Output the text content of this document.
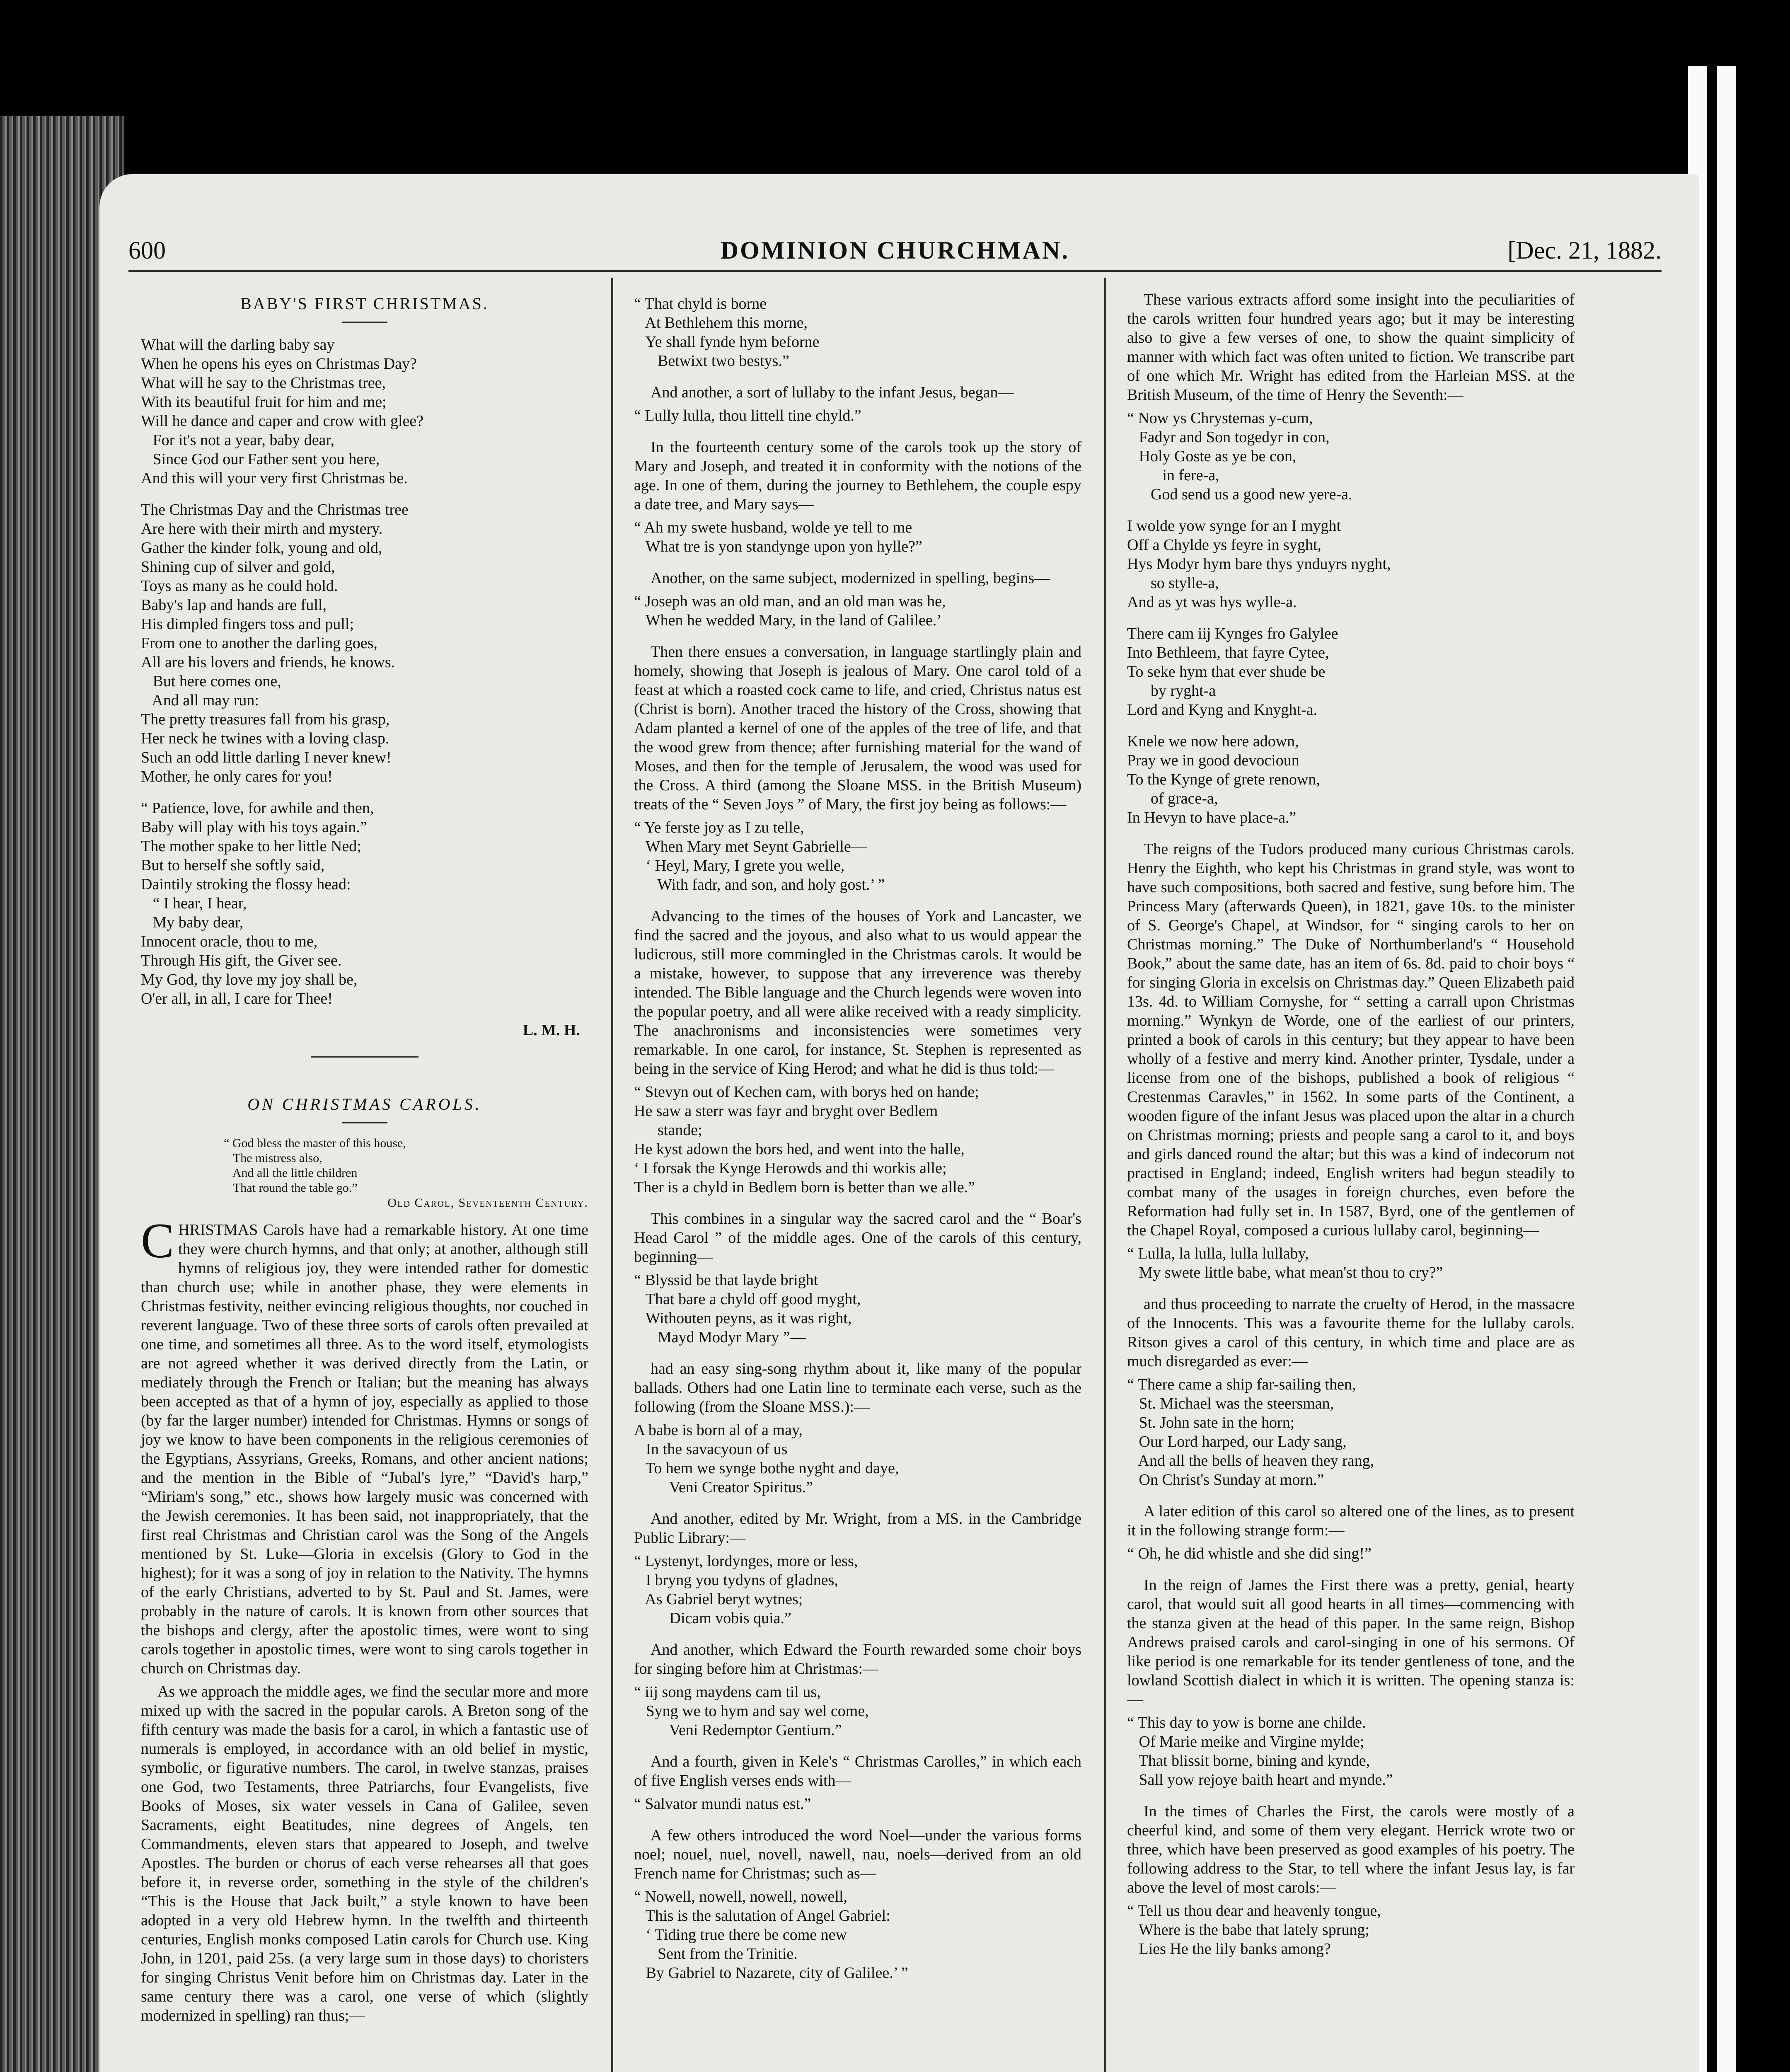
600	DOMINION CHURCHMAN.	[Dec. 21, 1882.
BABY'S FIRST CHRISTMAS.
What will the darling baby say
When he opens his eyes on Christmas Day?
What will he say to the Christmas tree,
With its beautiful fruit for him and me;
Will he dance and caper and crow with glee?
For it's not a year, baby dear,
Since God our Father sent you here,
And this will your very first Christmas be.
The Christmas Day and the Christmas tree
Are here with their mirth and mystery.
Gather the kinder folk, young and old,
Shining cup of silver and gold,
Toys as many as he could hold.
Baby's lap and hands are full,
His dimpled fingers toss and pull;
From one to another the darling goes,
All are his lovers and friends, he knows.
But here comes one,
And all may run:
The pretty treasures fall from his grasp,
Her neck he twines with a loving clasp.
Such an odd little darling I never knew!
Mother, he only cares for you!
“ Patience, love, for awhile and then,
Baby will play with his toys again.”
The mother spake to her little Ned;
But to herself she softly said,
Daintily stroking the flossy head:
“ I hear, I hear,
My baby dear,
Innocent oracle, thou to me,
Through His gift, the Giver see.
My God, thy love my joy shall be,
O'er all, in all, I care for Thee!
L. M. H.
ON CHRISTMAS CAROLS.
“ God bless the master of this house,
The mistress also,
And all the little children
That round the table go.”
Old Carol, Seventeenth Century.

CHRISTMAS Carols have had a remarkable history. At one time they were church hymns, and that only; at another, although still hymns of religious joy, they were intended rather for domestic than church use; while in another phase, they were elements in Christmas festivity, neither evincing religious thoughts, nor couched in reverent language. Two of these three sorts of carols often prevailed at one time, and sometimes all three. As to the word itself, etymologists are not agreed whether it was derived directly from the Latin, or mediately through the French or Italian; but the meaning has always been accepted as that of a hymn of joy, especially as applied to those (by far the larger number) intended for Christmas. Hymns or songs of joy we know to have been components in the religious ceremonies of the Egyptians, Assyrians, Greeks, Romans, and other ancient nations; and the mention in the Bible of “Jubal's lyre,” “David's harp,” “Miriam's song,” etc., shows how largely music was concerned with the Jewish ceremonies. It has been said, not inappropriately, that the first real Christmas and Christian carol was the Song of the Angels mentioned by St. Luke—Gloria in excelsis (Glory to God in the highest); for it was a song of joy in relation to the Nativity. The hymns of the early Christians, adverted to by St. Paul and St. James, were probably in the nature of carols. It is known from other sources that the bishops and clergy, after the apostolic times, were wont to sing carols together in apostolic times, were wont to sing carols together in church on Christmas day.

As we approach the middle ages, we find the secular more and more mixed up with the sacred in the popular carols. A Breton song of the fifth century was made the basis for a carol, in which a fantastic use of numerals is employed, in accordance with an old belief in mystic, symbolic, or figurative numbers. The carol, in twelve stanzas, praises one God, two Testaments, three Patriarchs, four Evangelists, five Books of Moses, six water vessels in Cana of Galilee, seven Sacraments, eight Beatitudes, nine degrees of Angels, ten Commandments, eleven stars that appeared to Joseph, and twelve Apostles. The burden or chorus of each verse rehearses all that goes before it, in reverse order, something in the style of the children's “This is the House that Jack built,” a style known to have been adopted in a very old Hebrew hymn. In the twelfth and thirteenth centuries, English monks composed Latin carols for Church use. King John, in 1201, paid 25s. (a very large sum in those days) to choristers for singing Christus Venit before him on Christmas day. Later in the same century there was a carol, one verse of which (slightly modernized in spelling) ran thus;—

“ That chyld is borne
At Bethlehem this morne,
Ye shall fynde hym beforne
Betwixt two bestys.”

And another, a sort of lullaby to the infant Jesus, began—

“ Lully lulla, thou littell tine chyld.”

In the fourteenth century some of the carols took up the story of Mary and Joseph, and treated it in conformity with the notions of the age. In one of them, during the journey to Bethlehem, the couple espy a date tree, and Mary says—

“ Ah my swete husband, wolde ye tell to me
What tre is yon standynge upon yon hylle?”

Another, on the same subject, modernized in spelling, begins—

“ Joseph was an old man, and an old man was he,
When he wedded Mary, in the land of Galilee.’

Then there ensues a conversation, in language startlingly plain and homely, showing that Joseph is jealous of Mary. One carol told of a feast at which a roasted cock came to life, and cried, Christus natus est (Christ is born). Another traced the history of the Cross, showing that Adam planted a kernel of one of the apples of the tree of life, and that the wood grew from thence; after furnishing material for the wand of Moses, and then for the temple of Jerusalem, the wood was used for the Cross. A third (among the Sloane MSS. in the British Museum) treats of the “ Seven Joys ” of Mary, the first joy being as follows:—

“ Ye ferste joy as I zu telle,
When Mary met Seynt Gabrielle—
‘ Heyl, Mary, I grete you welle,
With fadr, and son, and holy gost.’ ”

Advancing to the times of the houses of York and Lancaster, we find the sacred and the joyous, and also what to us would appear the ludicrous, still more commingled in the Christmas carols. It would be a mistake, however, to suppose that any irreverence was thereby intended. The Bible language and the Church legends were woven into the popular poetry, and all were alike received with a ready simplicity. The anachronisms and inconsistencies were sometimes very remarkable. In one carol, for instance, St. Stephen is represented as being in the service of King Herod; and what he did is thus told:—

“ Stevyn out of Kechen cam, with borys hed on hande;
He saw a sterr was fayr and bryght over Bedlem
stande;
He kyst adown the bors hed, and went into the halle,
‘ I forsak the Kynge Herowds and thi workis alle;
Ther is a chyld in Bedlem born is better than we alle.”

This combines in a singular way the sacred carol and the “ Boar's Head Carol ” of the middle ages. One of the carols of this century, beginning—

“ Blyssid be that layde bright
That bare a chyld off good myght,
Withouten peyns, as it was right,
Mayd Modyr Mary ”—

had an easy sing-song rhythm about it, like many of the popular ballads. Others had one Latin line to terminate each verse, such as the following (from the Sloane MSS.):—

A babe is born al of a may,
In the savacyoun of us
To hem we synge bothe nyght and daye,
Veni Creator Spiritus.”

And another, edited by Mr. Wright, from a MS. in the Cambridge Public Library:—

“ Lystenyt, lordynges, more or less,
I bryng you tydyns of gladnes,
As Gabriel beryt wytnes;
Dicam vobis quia.”

And another, which Edward the Fourth rewarded some choir boys for singing before him at Christmas:—

“ iij song maydens cam til us,
Syng we to hym and say wel come,
Veni Redemptor Gentium.”

And a fourth, given in Kele's “ Christmas Carolles,” in which each of five English verses ends with—

“ Salvator mundi natus est.”

A few others introduced the word Noel—under the various forms noel; nouel, nuel, novell, nawell, nau, noels—derived from an old French name for Christmas; such as—

“ Nowell, nowell, nowell, nowell,
This is the salutation of Angel Gabriel:
‘ Tiding true there be come new
Sent from the Trinitie.
By Gabriel to Nazarete, city of Galilee.’ ”

These various extracts afford some insight into the peculiarities of the carols written four hundred years ago; but it may be interesting also to give a few verses of one, to show the quaint simplicity of manner with which fact was often united to fiction. We transcribe part of one which Mr. Wright has edited from the Harleian MSS. at the British Museum, of the time of Henry the Seventh:—

“ Now ys Chrystemas y-cum,
Fadyr and Son togedyr in con,
Holy Goste as ye be con,
in fere-a,
God send us a good new yere-a.
I wolde yow synge for an I myght
Off a Chylde ys feyre in syght,
Hys Modyr hym bare thys ynduyrs nyght,
so stylle-a,
And as yt was hys wylle-a.
There cam iij Kynges fro Galylee
Into Bethleem, that fayre Cytee,
To seke hym that ever shude be
by ryght-a
Lord and Kyng and Knyght-a.
Knele we now here adown,
Pray we in good devocioun
To the Kynge of grete renown,
of grace-a,
In Hevyn to have place-a.”

The reigns of the Tudors produced many curious Christmas carols. Henry the Eighth, who kept his Christmas in grand style, was wont to have such compositions, both sacred and festive, sung before him. The Princess Mary (afterwards Queen), in 1821, gave 10s. to the minister of S. George's Chapel, at Windsor, for “ singing carols to her on Christmas morning.” The Duke of Northumberland's “ Household Book,” about the same date, has an item of 6s. 8d. paid to choir boys “ for singing Gloria in excelsis on Christmas day.” Queen Elizabeth paid 13s. 4d. to William Cornyshe, for “ setting a carrall upon Christmas morning.” Wynkyn de Worde, one of the earliest of our printers, printed a book of carols in this century; but they appear to have been wholly of a festive and merry kind. Another printer, Tysdale, under a license from one of the bishops, published a book of religious “ Crestenmas Caravles,” in 1562. In some parts of the Continent, a wooden figure of the infant Jesus was placed upon the altar in a church on Christmas morning; priests and people sang a carol to it, and boys and girls danced round the altar; but this was a kind of indecorum not practised in England; indeed, English writers had begun steadily to combat many of the usages in foreign churches, even before the Reformation had fully set in. In 1587, Byrd, one of the gentlemen of the Chapel Royal, composed a curious lullaby carol, beginning—

“ Lulla, la lulla, lulla lullaby,
My swete little babe, what mean'st thou to cry?”

and thus proceeding to narrate the cruelty of Herod, in the massacre of the Innocents. This was a favourite theme for the lullaby carols. Ritson gives a carol of this century, in which time and place are as much disregarded as ever:—

“ There came a ship far-sailing then,
St. Michael was the steersman,
St. John sate in the horn;
Our Lord harped, our Lady sang,
And all the bells of heaven they rang,
On Christ's Sunday at morn.”

A later edition of this carol so altered one of the lines, as to present it in the following strange form:—

“ Oh, he did whistle and she did sing!”

In the reign of James the First there was a pretty, genial, hearty carol, that would suit all good hearts in all times—commencing with the stanza given at the head of this paper. In the same reign, Bishop Andrews praised carols and carol-singing in one of his sermons. Of like period is one remarkable for its tender gentleness of tone, and the lowland Scottish dialect in which it is written. The opening stanza is:—

“ This day to yow is borne ane childe.
Of Marie meike and Virgine mylde;
That blissit borne, bining and kynde,
Sall yow rejoye baith heart and mynde.”

In the times of Charles the First, the carols were mostly of a cheerful kind, and some of them very elegant. Herrick wrote two or three, which have been preserved as good examples of his poetry. The following address to the Star, to tell where the infant Jesus lay, is far above the level of most carols:—

“ Tell us thou dear and heavenly tongue,
Where is the babe that lately sprung;
Lies He the lily banks among?
